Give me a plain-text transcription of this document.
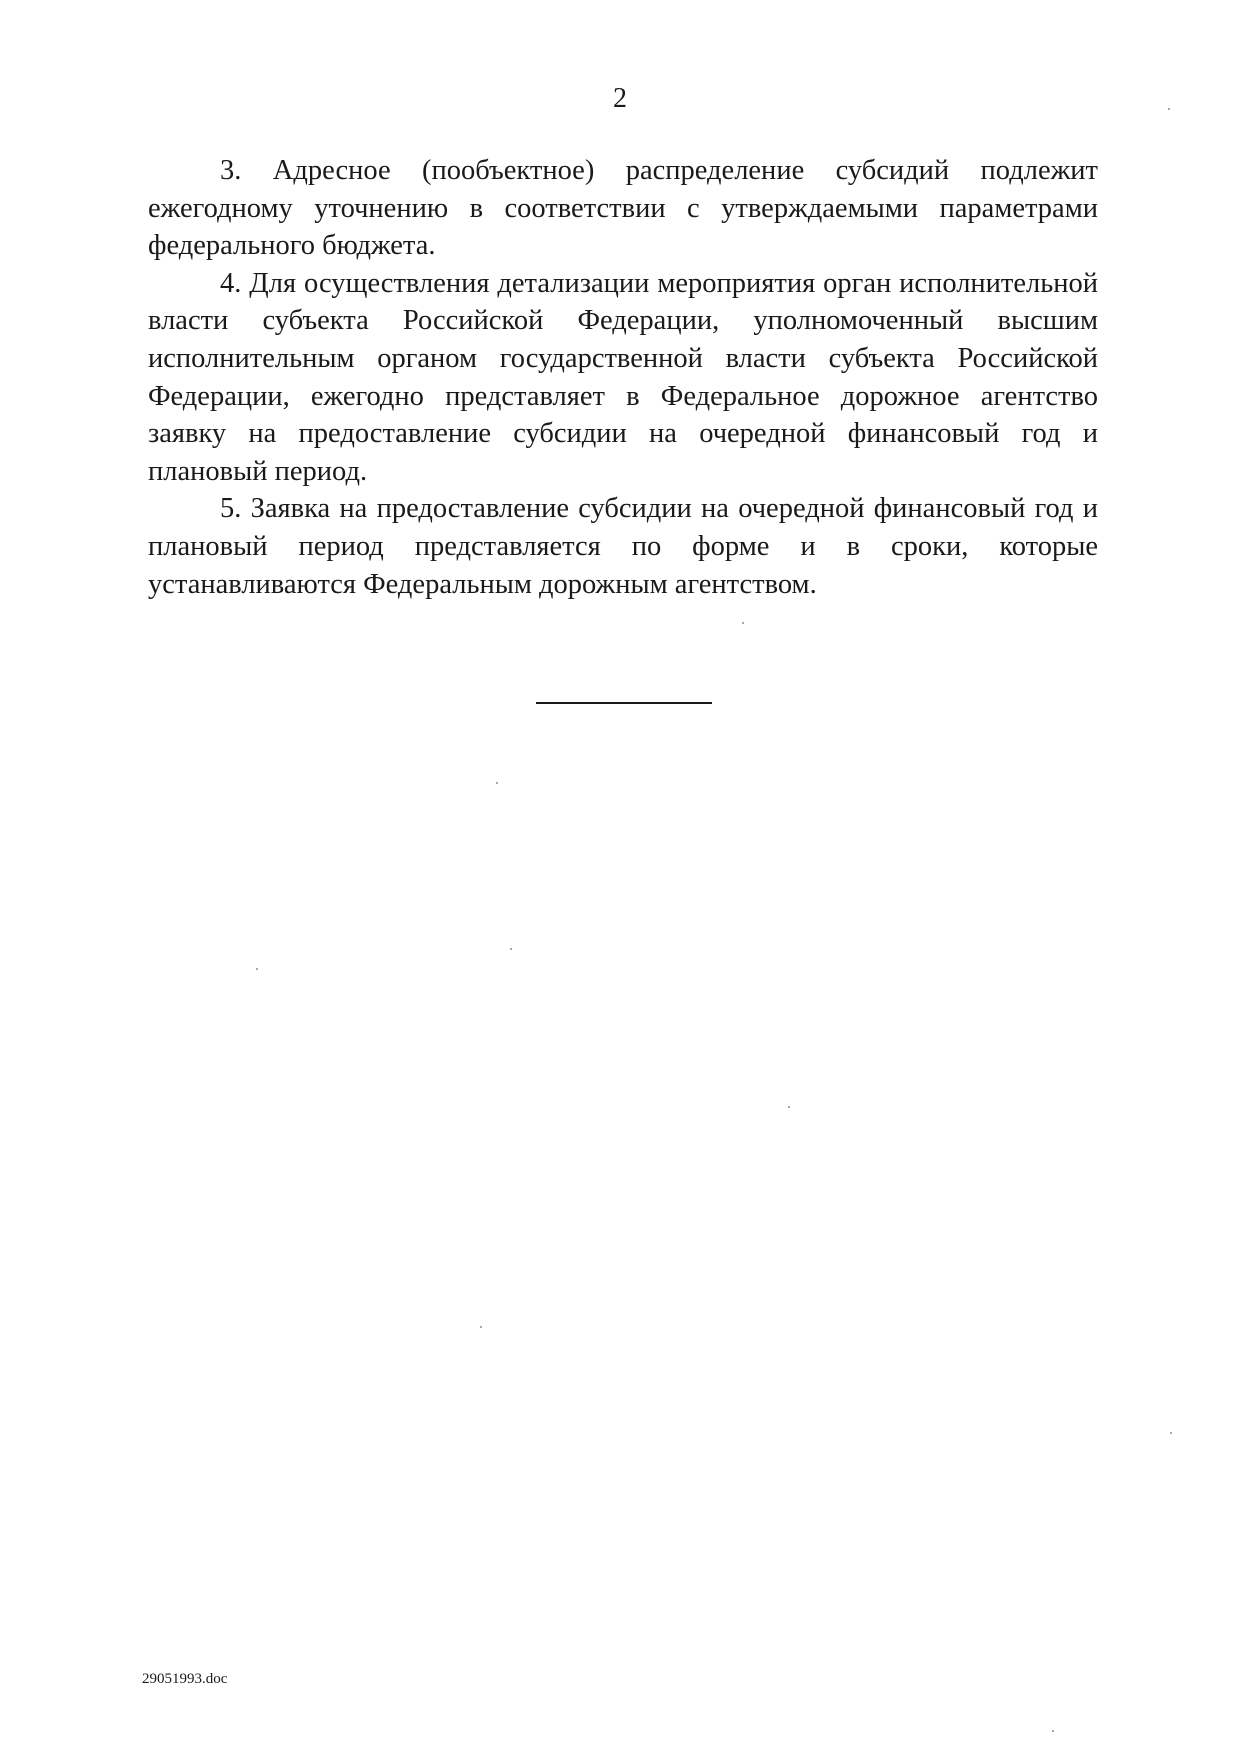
2

3. Адресное (пообъектное) распределение субсидий подлежит ежегодному уточнению в соответствии с утверждаемыми параметрами федерального бюджета.

4. Для осуществления детализации мероприятия орган исполнительной власти субъекта Российской Федерации, уполномоченный высшим исполнительным органом государственной власти субъекта Российской Федерации, ежегодно представляет в Федеральное дорожное агентство заявку на предоставление субсидии на очередной финансовый год и плановый период.

5. Заявка на предоставление субсидии на очередной финансовый год и плановый период представляется по форме и в сроки, которые устанавливаются Федеральным дорожным агентством.

29051993.doc
